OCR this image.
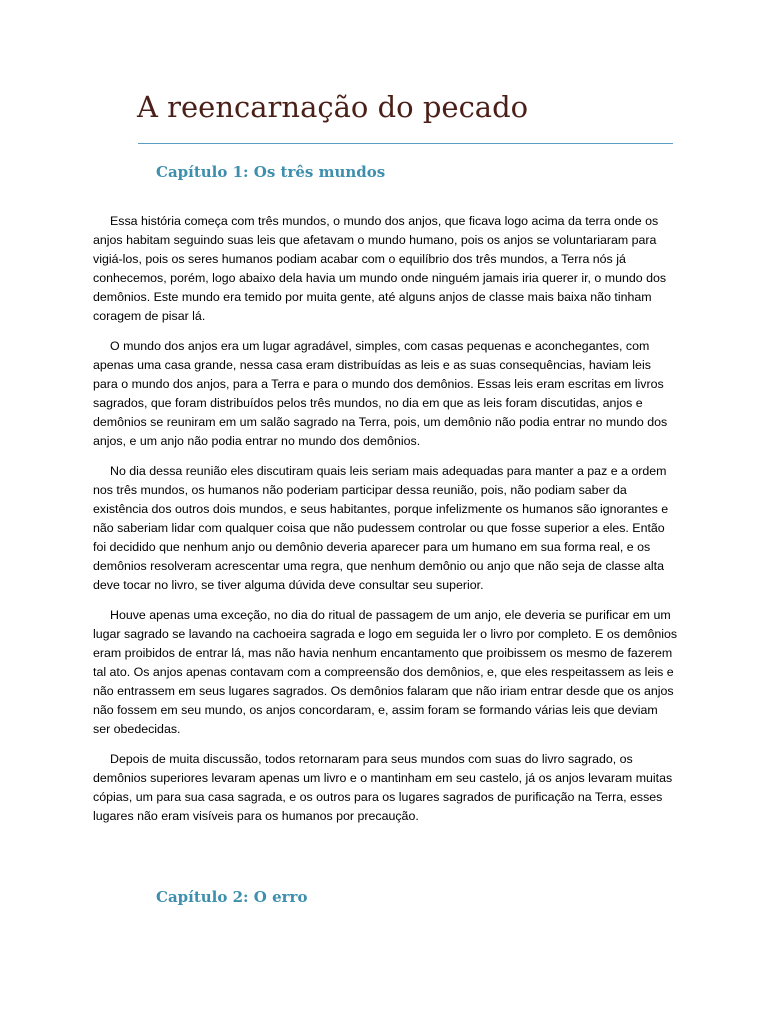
A reencarnação do pecado
Capítulo 1: Os três mundos

Essa história começa com três mundos, o mundo dos anjos, que ficava logo acima da terra onde os anjos habitam seguindo suas leis que afetavam o mundo humano, pois os anjos se voluntariaram para vigiá-los, pois os seres humanos podiam acabar com o equilíbrio dos três mundos, a Terra nós já conhecemos, porém, logo abaixo dela havia um mundo onde ninguém jamais iria querer ir, o mundo dos demônios. Este mundo era temido por muita gente, até alguns anjos de classe mais baixa não tinham coragem de pisar lá.

O mundo dos anjos era um lugar agradável, simples, com casas pequenas e aconchegantes, com apenas uma casa grande, nessa casa eram distribuídas as leis e as suas consequências, haviam leis para o mundo dos anjos, para a Terra e para o mundo dos demônios. Essas leis eram escritas em livros sagrados, que foram distribuídos pelos três mundos, no dia em que as leis foram discutidas, anjos e demônios se reuniram em um salão sagrado na Terra, pois, um demônio não podia entrar no mundo dos anjos, e um anjo não podia entrar no mundo dos demônios.

No dia dessa reunião eles discutiram quais leis seriam mais adequadas para manter a paz e a ordem nos três mundos, os humanos não poderiam participar dessa reunião, pois, não podiam saber da existência dos outros dois mundos, e seus habitantes, porque infelizmente os humanos são ignorantes e não saberiam lidar com qualquer coisa que não pudessem controlar ou que fosse superior a eles. Então foi decidido que nenhum anjo ou demônio deveria aparecer para um humano em sua forma real, e os demônios resolveram acrescentar uma regra, que nenhum demônio ou anjo que não seja de classe alta deve tocar no livro, se tiver alguma dúvida deve consultar seu superior.

Houve apenas uma exceção, no dia do ritual de passagem de um anjo, ele deveria se purificar em um lugar sagrado se lavando na cachoeira sagrada e logo em seguida ler o livro por completo. E os demônios eram proibidos de entrar lá, mas não havia nenhum encantamento que proibissem os mesmo de fazerem tal ato. Os anjos apenas contavam com a compreensão dos demônios, e, que eles respeitassem as leis e não entrassem em seus lugares sagrados. Os demônios falaram que não iriam entrar desde que os anjos não fossem em seu mundo, os anjos concordaram, e, assim foram se formando várias leis que deviam ser obedecidas.

Depois de muita discussão, todos retornaram para seus mundos com suas do livro sagrado, os demônios superiores levaram apenas um livro e o mantinham em seu castelo, já os anjos levaram muitas cópias, um para sua casa sagrada, e os outros para os lugares sagrados de purificação na Terra, esses lugares não eram visíveis para os humanos por precaução.

Capítulo 2: O erro
